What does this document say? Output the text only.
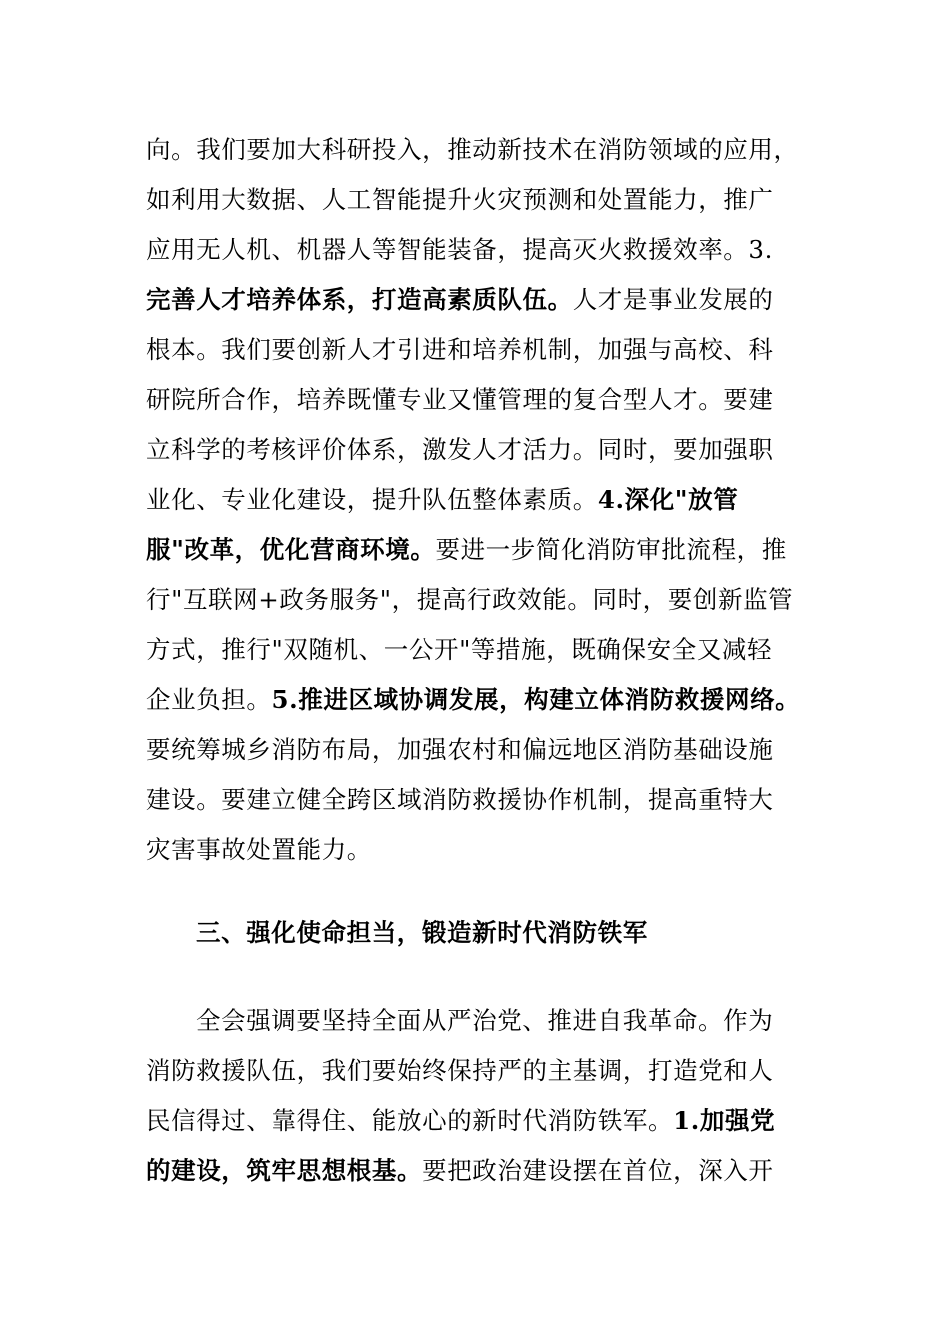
向。我们要加大科研投入，推动新技术在消防领域的应用，
如利用大数据、人工智能提升火灾预测和处置能力，推广
应用无人机、机器人等智能装备，提高灭火救援效率。3.
完善人才培养体系，打造高素质队伍。人才是事业发展的
根本。我们要创新人才引进和培养机制，加强与高校、科
研院所合作，培养既懂专业又懂管理的复合型人才。要建
立科学的考核评价体系，激发人才活力。同时，要加强职
业化、专业化建设，提升队伍整体素质。4.深化"放管
服"改革，优化营商环境。要进一步简化消防审批流程，推
行"互联网+政务服务"，提高行政效能。同时，要创新监管
方式，推行"双随机、一公开"等措施，既确保安全又减轻
企业负担。5.推进区域协调发展，构建立体消防救援网络。
要统筹城乡消防布局，加强农村和偏远地区消防基础设施
建设。要建立健全跨区域消防救援协作机制，提高重特大
灾害事故处置能力。
三、强化使命担当，锻造新时代消防铁军
全会强调要坚持全面从严治党、推进自我革命。作为
消防救援队伍，我们要始终保持严的主基调，打造党和人
民信得过、靠得住、能放心的新时代消防铁军。1.加强党
的建设，筑牢思想根基。要把政治建设摆在首位，深入开
